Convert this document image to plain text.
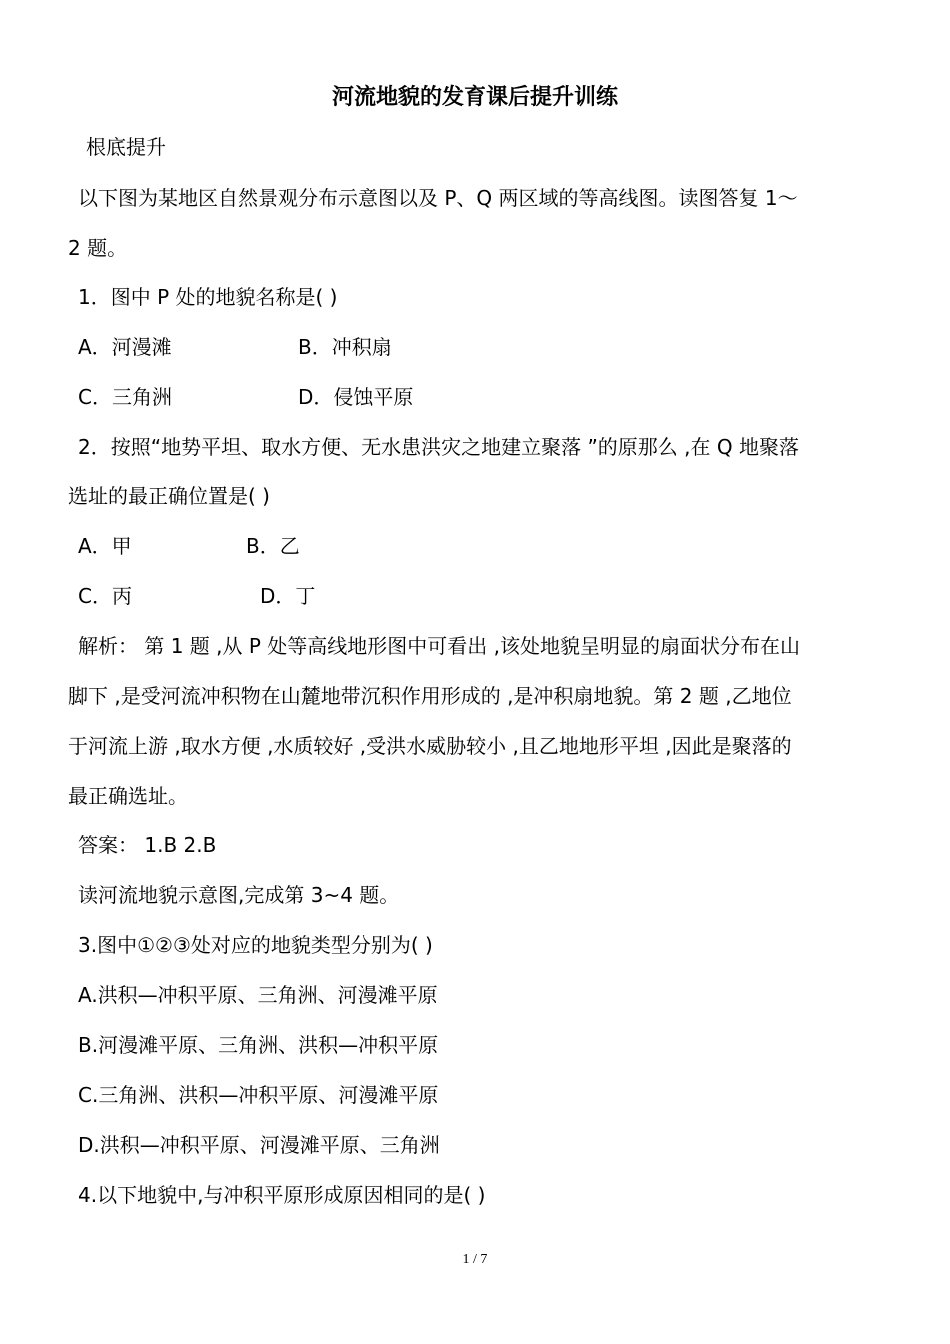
河流地貌的发育课后提升训练
根底提升
以下图为某地区自然景观分布示意图以及 P、Q 两区域的等高线图。读图答复 1～
2 题。
1．图中 P 处的地貌名称是( )
A．河漫滩	B．冲积扇
C．三角洲	D．侵蚀平原
2．按照“地势平坦、取水方便、无水患洪灾之地建立聚落 ”的原那么 ,在 Q 地聚落
选址的最正确位置是( )
A．甲	B．乙
C．丙	D．丁
解析： 第 1 题 ,从 P 处等高线地形图中可看出 ,该处地貌呈明显的扇面状分布在山
脚下 ,是受河流冲积物在山麓地带沉积作用形成的 ,是冲积扇地貌。第 2 题 ,乙地位
于河流上游 ,取水方便 ,水质较好 ,受洪水威胁较小 ,且乙地地形平坦 ,因此是聚落的
最正确选址。
答案： 1.B 2.B
读河流地貌示意图,完成第 3~4 题。
3.图中①②③处对应的地貌类型分别为( )
A.洪积—冲积平原、三角洲、河漫滩平原
B.河漫滩平原、三角洲、洪积—冲积平原
C.三角洲、洪积—冲积平原、河漫滩平原
D.洪积—冲积平原、河漫滩平原、三角洲
4.以下地貌中,与冲积平原形成原因相同的是( )
1 / 7
